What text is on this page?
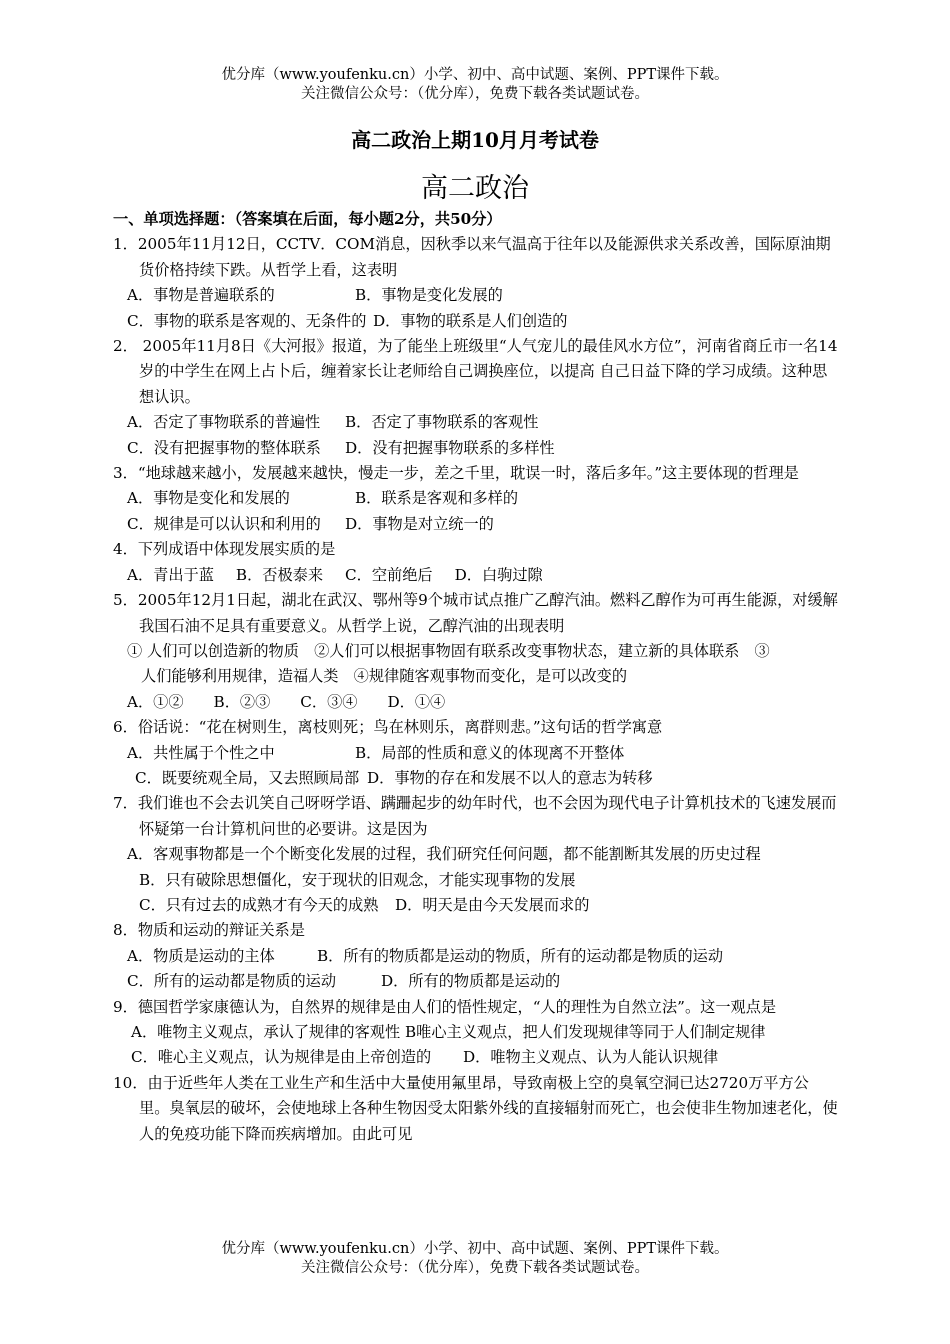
优分库（www.youfenku.cn）小学、初中、高中试题、案例、PPT课件下载。
关注微信公众号：（优分库），免费下载各类试题试卷。
高二政治上期10月月考试卷
高二政治
一、单项选择题：（答案填在后面，每小题2分，共50分）
1．2005年11月12日，CCTV．COM消息，因秋季以来气温高于往年以及能源供求关系改善，国际原油期货价格持续下跌。从哲学上看，这表明
A．事物是普遍联系的	B．事物是变化发展的
C．事物的联系是客观的、无条件的 D．事物的联系是人们创造的
2． 2005年11月8日《大河报》报道，为了能坐上班级里“人气宠儿的最佳风水方位”，河南省商丘市一名14岁的中学生在网上占卜后，缠着家长让老师给自己调换座位，以提高 自己日益下降的学习成绩。这种思想认识。
A．否定了事物联系的普遍性 B．否定了事物联系的客观性
C．没有把握事物的整体联系 D．没有把握事物联系的多样性
3．“地球越来越小，发展越来越快，慢走一步，差之千里，耽误一时，落后多年。”这主要体现的哲理是
A．事物是变化和发展的	B．联系是客观和多样的
C．规律是可以认识和利用的 D．事物是对立统一的
4．下列成语中体现发展实质的是
A．青出于蓝 B．否极泰来 C．空前绝后 D．白驹过隙
5．2005年12月1日起，湖北在武汉、鄂州等9个城市试点推广乙醇汽油。燃料乙醇作为可再生能源，对缓解我国石油不足具有重要意义。从哲学上说，乙醇汽油的出现表明
① 人们可以创造新的物质　②人们可以根据事物固有联系改变事物状态，建立新的具体联系　③
人们能够利用规律，造福人类　④规律随客观事物而变化，是可以改变的
A．①② B．②③ C．③④ D．①④
6．俗话说：“花在树则生，离枝则死；鸟在林则乐，离群则悲。”这句话的哲学寓意
A．共性属于个性之中	B．局部的性质和意义的体现离不开整体
C．既要统观全局，又去照顾局部 D．事物的存在和发展不以人的意志为转移
7．我们谁也不会去讥笑自己呀呀学语、蹒跚起步的幼年时代，也不会因为现代电子计算机技术的飞速发展而怀疑第一台计算机问世的必要讲。这是因为
A．客观事物都是一个个断变化发展的过程，我们研究任何问题，都不能割断其发展的历史过程
B．只有破除思想僵化，安于现状的旧观念，才能实现事物的发展
C．只有过去的成熟才有今天的成熟 D．明天是由今天发展而求的
8．物质和运动的辩证关系是
A．物质是运动的主体	B．所有的物质都是运动的物质，所有的运动都是物质的运动
C．所有的运动都是物质的运动	D．所有的物质都是运动的
9．德国哲学家康德认为，自然界的规律是由人们的悟性规定，“人的理性为自然立法”。这一观点是
A．唯物主义观点，承认了规律的客观性 B唯心主义观点，把人们发现规律等同于人们制定规律
C．唯心主义观点，认为规律是由上帝创造的 D．唯物主义观点、认为人能认识规律
10．由于近些年人类在工业生产和生活中大量使用氟里昂，导致南极上空的臭氧空洞已达2720万平方公里。臭氧层的破坏，会使地球上各种生物因受太阳紫外线的直接辐射而死亡，也会使非生物加速老化，使人的免疫功能下降而疾病增加。由此可见
优分库（www.youfenku.cn）小学、初中、高中试题、案例、PPT课件下载。
关注微信公众号：（优分库），免费下载各类试题试卷。
